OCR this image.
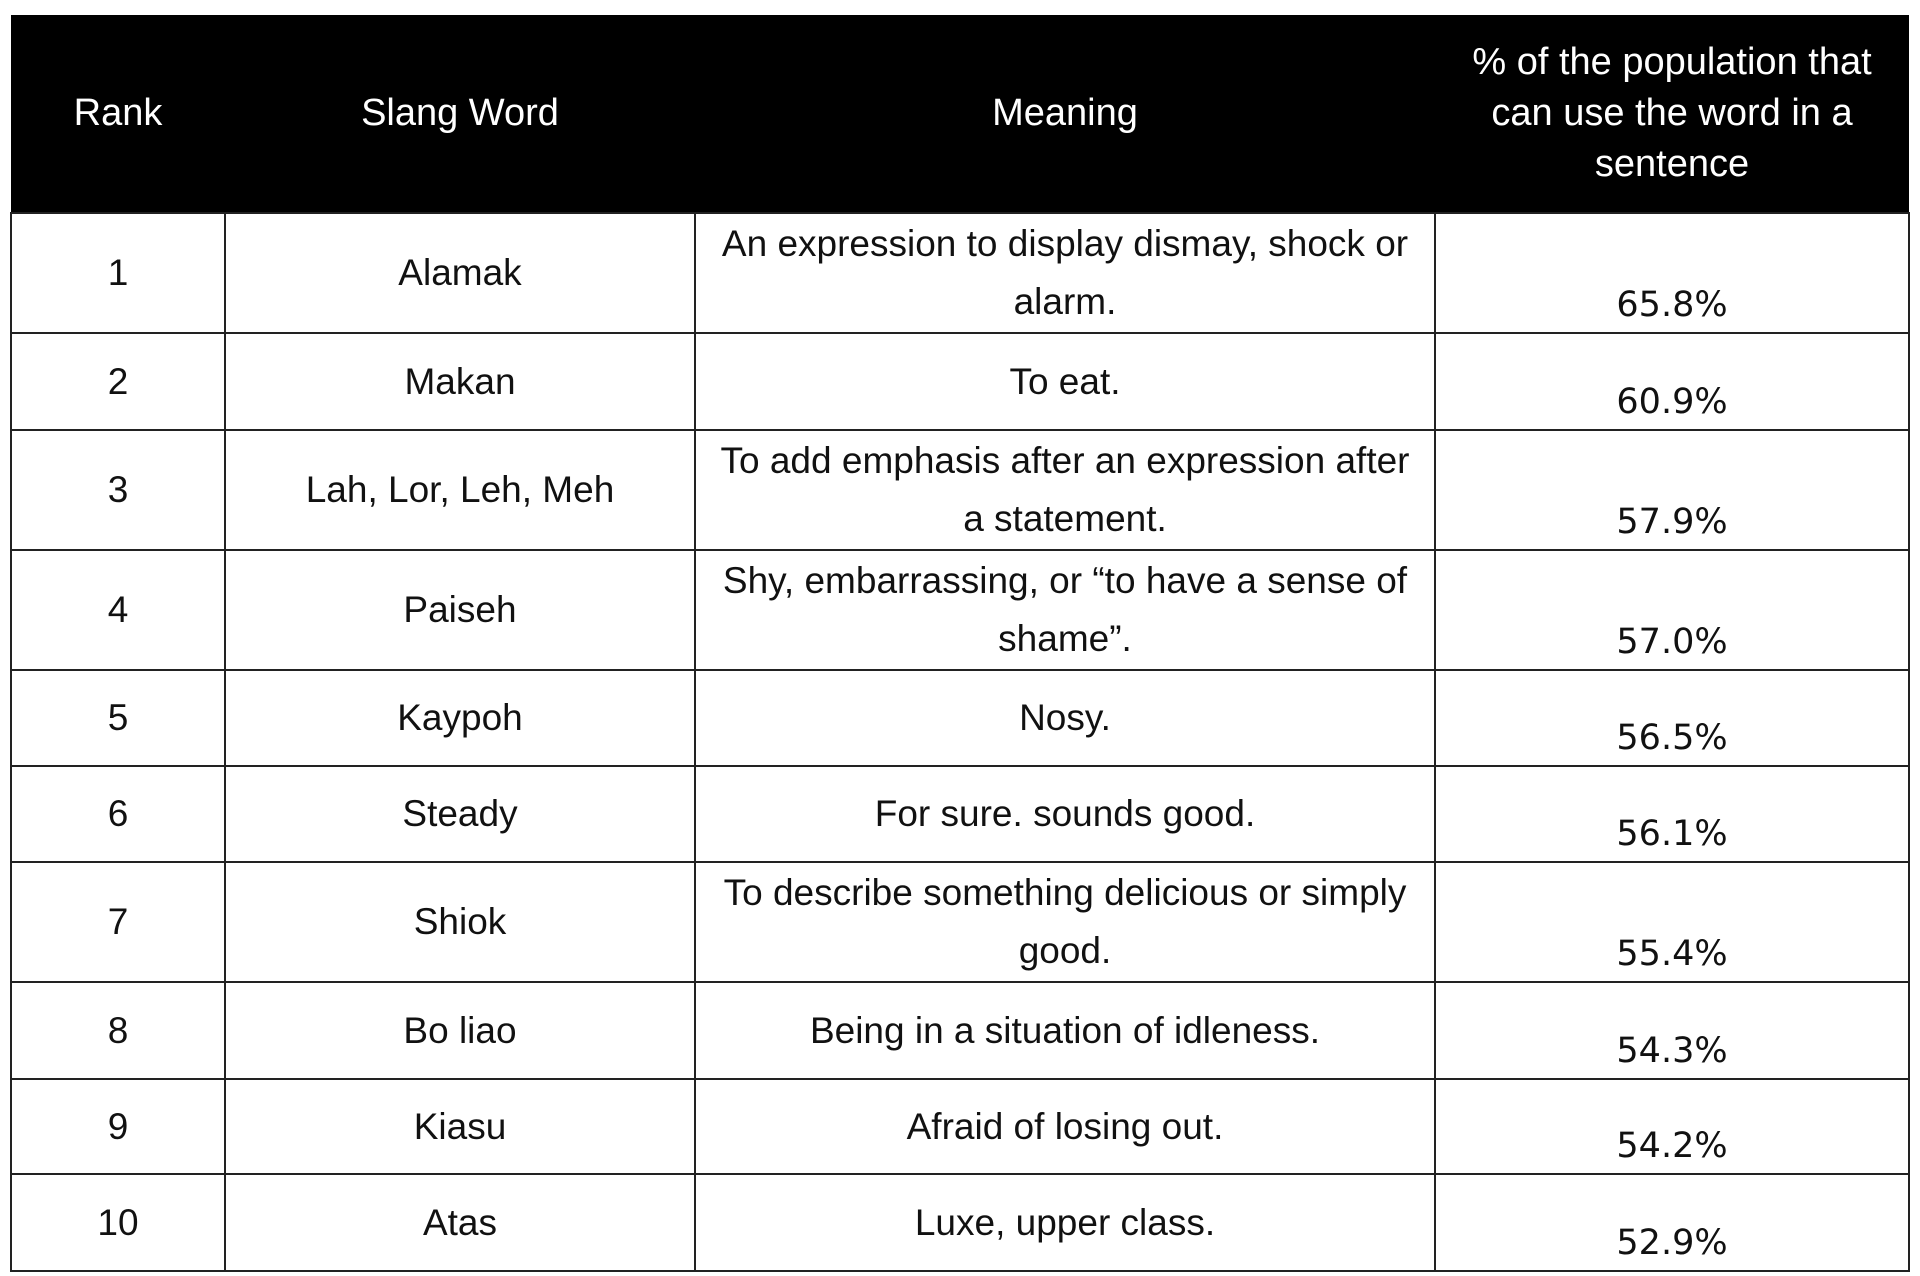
Rank	Slang Word	Meaning	% of the population that can use the word in a sentence
1	Alamak	An expression to display dismay, shock or alarm.	65.8%
2	Makan	To eat.	60.9%
3	Lah, Lor, Leh, Meh	To add emphasis after an expression after a statement.	57.9%
4	Paiseh	Shy, embarrassing, or “to have a sense of shame”.	57.0%
5	Kaypoh	Nosy.	56.5%
6	Steady	For sure. sounds good.	56.1%
7	Shiok	To describe something delicious or simply good.	55.4%
8	Bo liao	Being in a situation of idleness.	54.3%
9	Kiasu	Afraid of losing out.	54.2%
10	Atas	Luxe, upper class.	52.9%
